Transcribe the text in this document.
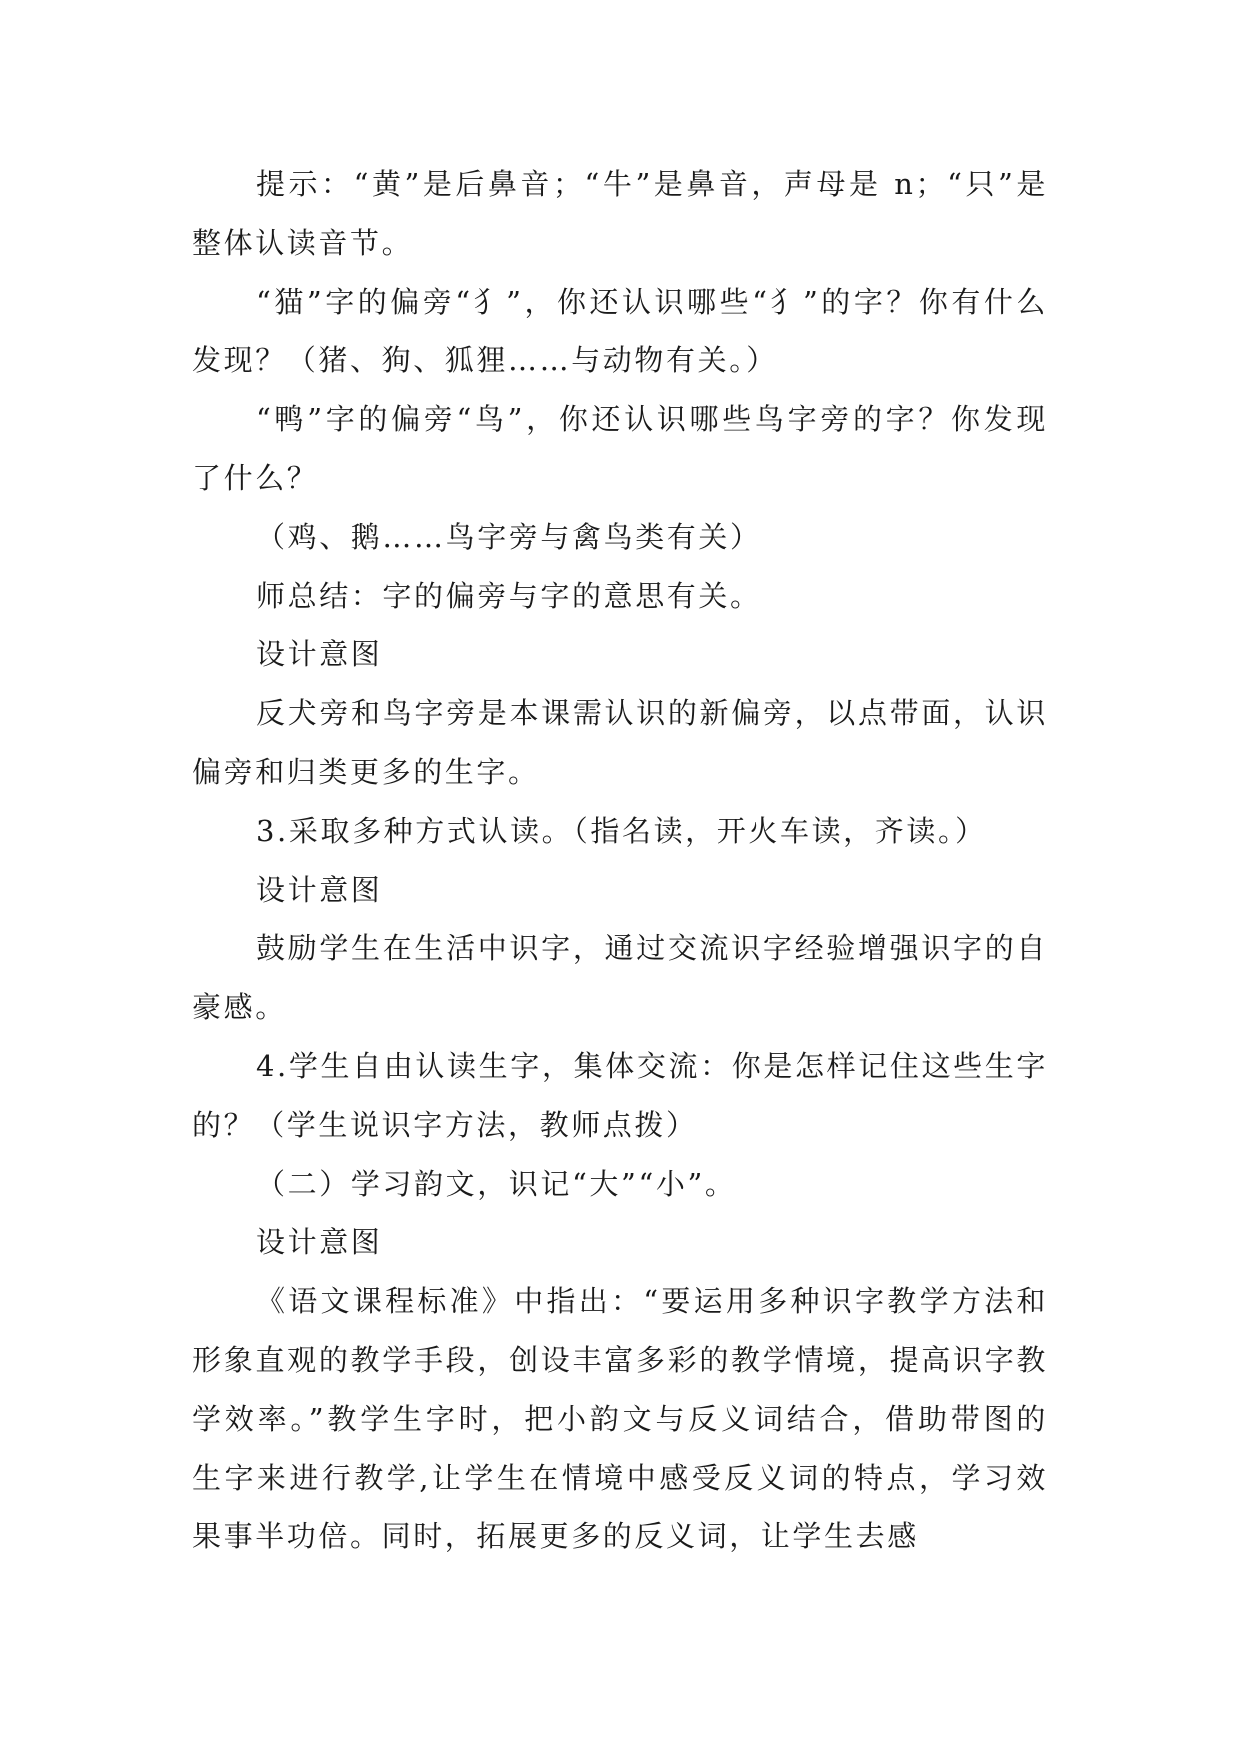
提示：“黄”是后鼻音；“牛”是鼻音，声母是 n；“只”是整体认读音节。

“猫”字的偏旁“犭”，你还认识哪些“犭”的字？你有什么发现？（猪、狗、狐狸……与动物有关。）

“鸭”字的偏旁“鸟”，你还认识哪些鸟字旁的字？你发现了什么？

（鸡、鹅……鸟字旁与禽鸟类有关）

师总结：字的偏旁与字的意思有关。

设计意图

反犬旁和鸟字旁是本课需认识的新偏旁，以点带面，认识偏旁和归类更多的生字。

3.采取多种方式认读。（指名读，开火车读，齐读。）

设计意图

鼓励学生在生活中识字，通过交流识字经验增强识字的自豪感。

4.学生自由认读生字，集体交流：你是怎样记住这些生字的？（学生说识字方法，教师点拨）

（二）学习韵文，识记“大”“小”。

设计意图

《语文课程标准》中指出：“要运用多种识字教学方法和形象直观的教学手段，创设丰富多彩的教学情境，提高识字教学效率。”教学生字时，把小韵文与反义词结合，借助带图的生字来进行教学,让学生在情境中感受反义词的特点，学习效果事半功倍。同时，拓展更多的反义词，让学生去感
